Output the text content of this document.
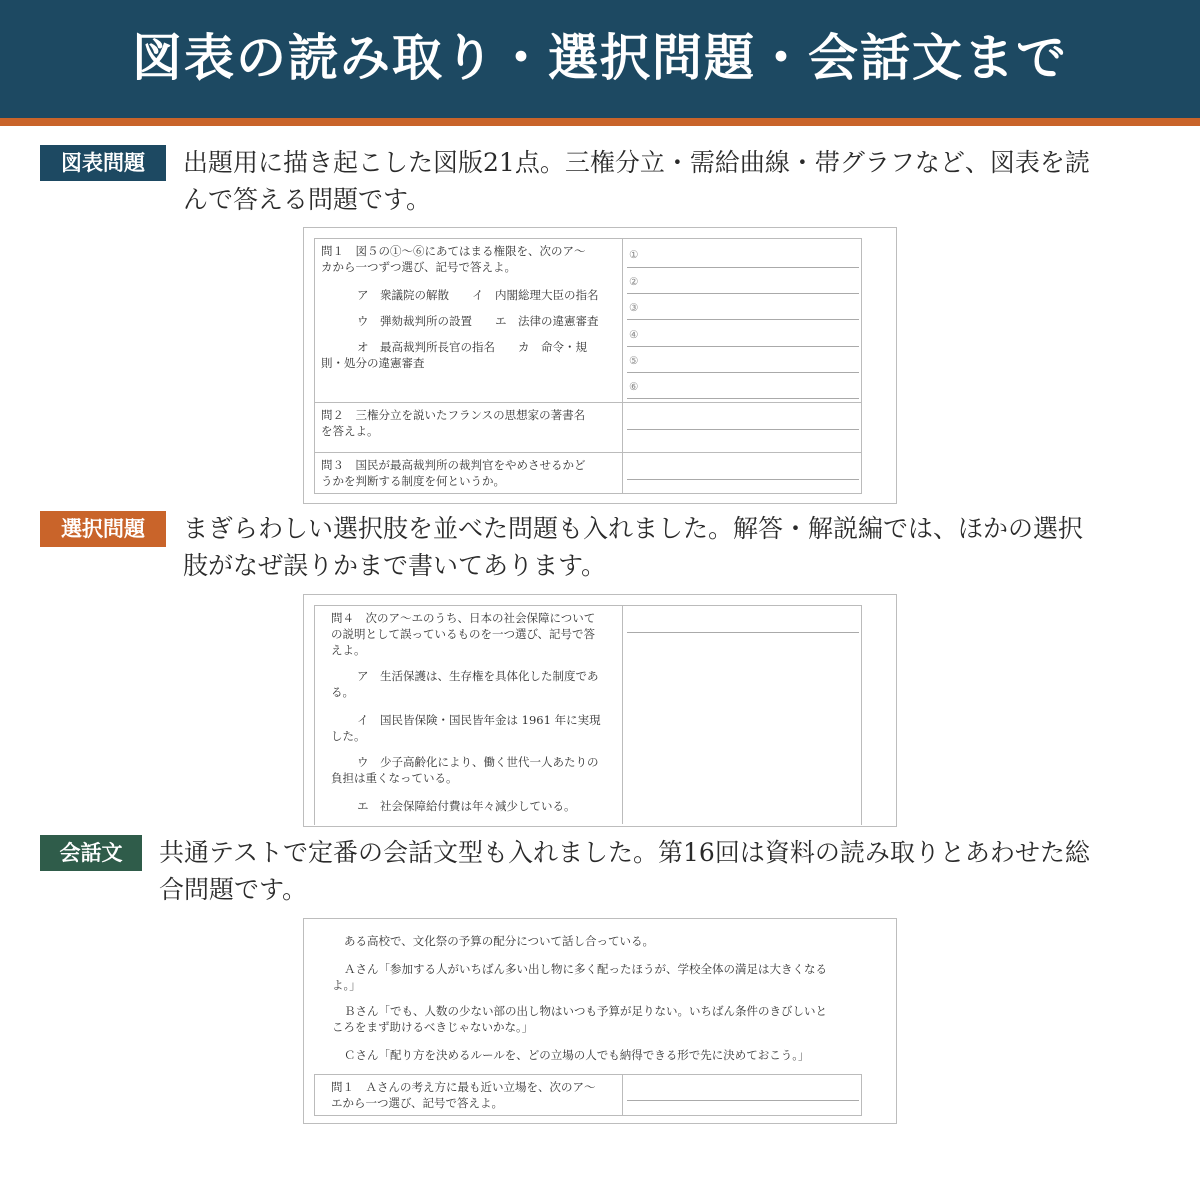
図表の読み取り・選択問題・会話文まで
図表問題	出題用に描き起こした図版21点。三権分立・需給曲線・帯グラフなど、図表を読
んで答える問題です。
問１　図５の①〜⑥にあてはまる権限を、次のア〜
カから一つずつ選び、記号で答えよ。
ア　衆議院の解散　　イ　内閣総理大臣の指名
ウ　弾劾裁判所の設置　　エ　法律の違憲審査
オ　最高裁判所長官の指名　　カ　命令・規
則・処分の違憲審査
①
②
③
④
⑤
⑥
問２　三権分立を説いたフランスの思想家の著書名
を答えよ。
問３　国民が最高裁判所の裁判官をやめさせるかど
うかを判断する制度を何というか。
選択問題	まぎらわしい選択肢を並べた問題も入れました。解答・解説編では、ほかの選択
肢がなぜ誤りかまで書いてあります。
問４　次のア〜エのうち、日本の社会保障について
の説明として誤っているものを一つ選び、記号で答
えよ。
ア　生活保護は、生存権を具体化した制度であ
る。
イ　国民皆保険・国民皆年金は 1961 年に実現
した。
ウ　少子高齢化により、働く世代一人あたりの
負担は重くなっている。
エ　社会保障給付費は年々減少している。
会話文	共通テストで定番の会話文型も入れました。第16回は資料の読み取りとあわせた総
合問題です。
ある高校で、文化祭の予算の配分について話し合っている。
Ａさん「参加する人がいちばん多い出し物に多く配ったほうが、学校全体の満足は大きくなる
よ。」
Ｂさん「でも、人数の少ない部の出し物はいつも予算が足りない。いちばん条件のきびしいと
ころをまず助けるべきじゃないかな。」
Ｃさん「配り方を決めるルールを、どの立場の人でも納得できる形で先に決めておこう。」
問１　Ａさんの考え方に最も近い立場を、次のア〜
エから一つ選び、記号で答えよ。
